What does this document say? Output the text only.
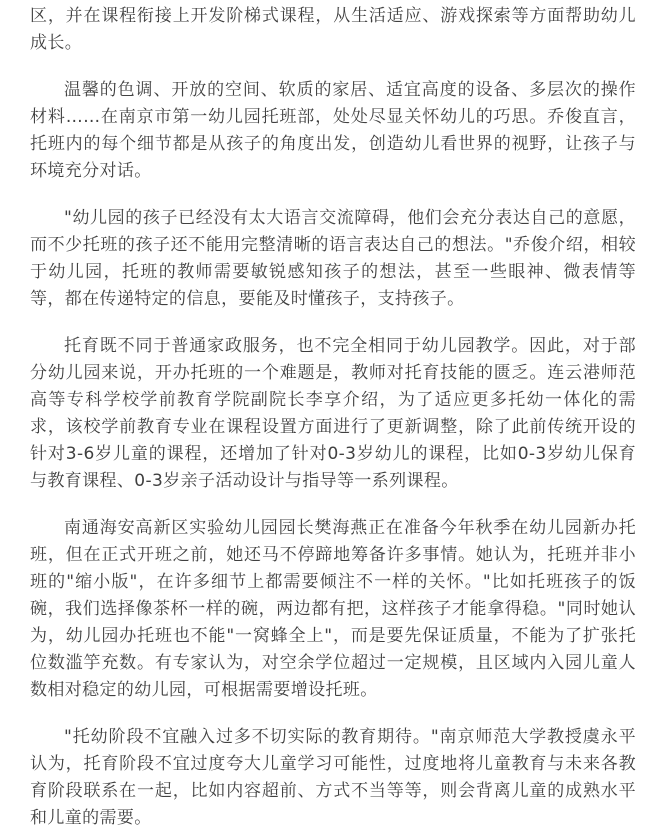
区，并在课程衔接上开发阶梯式课程，从生活适应、游戏探索等方面帮助幼儿成长。

温馨的色调、开放的空间、软质的家居、适宜高度的设备、多层次的操作材料……在南京市第一幼儿园托班部，处处尽显关怀幼儿的巧思。乔俊直言，托班内的每个细节都是从孩子的角度出发，创造幼儿看世界的视野，让孩子与环境充分对话。

"幼儿园的孩子已经没有太大语言交流障碍，他们会充分表达自己的意愿，而不少托班的孩子还不能用完整清晰的语言表达自己的想法。"乔俊介绍，相较于幼儿园，托班的教师需要敏锐感知孩子的想法，甚至一些眼神、微表情等等，都在传递特定的信息，要能及时懂孩子，支持孩子。

托育既不同于普通家政服务，也不完全相同于幼儿园教学。因此，对于部分幼儿园来说，开办托班的一个难题是，教师对托育技能的匮乏。连云港师范高等专科学校学前教育学院副院长李享介绍，为了适应更多托幼一体化的需求，该校学前教育专业在课程设置方面进行了更新调整，除了此前传统开设的针对3-6岁儿童的课程，还增加了针对0-3岁幼儿的课程，比如0-3岁幼儿保育与教育课程、0-3岁亲子活动设计与指导等一系列课程。

南通海安高新区实验幼儿园园长樊海燕正在准备今年秋季在幼儿园新办托班，但在正式开班之前，她还马不停蹄地筹备许多事情。她认为，托班并非小班的"缩小版"，在许多细节上都需要倾注不一样的关怀。"比如托班孩子的饭碗，我们选择像茶杯一样的碗，两边都有把，这样孩子才能拿得稳。"同时她认为，幼儿园办托班也不能"一窝蜂全上"，而是要先保证质量，不能为了扩张托位数滥竽充数。有专家认为，对空余学位超过一定规模，且区域内入园儿童人数相对稳定的幼儿园，可根据需要增设托班。

"托幼阶段不宜融入过多不切实际的教育期待。"南京师范大学教授虞永平认为，托育阶段不宜过度夸大儿童学习可能性，过度地将儿童教育与未来各教育阶段联系在一起，比如内容超前、方式不当等等，则会背离儿童的成熟水平和儿童的需要。
